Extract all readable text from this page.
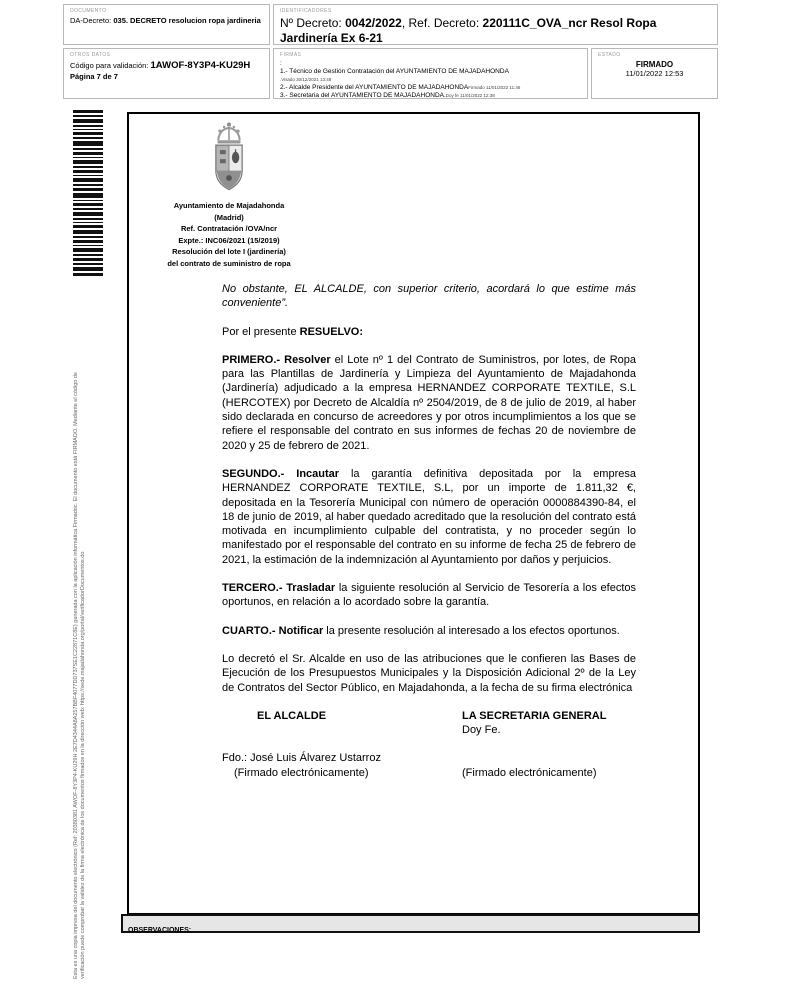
DOCUMENTO
DA-Decreto: 035. DECRETO resolucion ropa jardineria
IDENTIFICADORES
Nº Decreto: 0042/2022, Ref. Decreto: 220111C_OVA_ncr Resol Ropa Jardinería Ex 6-21
OTROS DATOS
Código para validación: 1AWOF-8Y3P4-KU29H
Página 7 de 7
FIRMAS
:
1.- Técnico de Gestión Contratación del AYUNTAMIENTO DE MAJADAHONDA
.Visado 30/12/2021 13:48
2.- Alcalde Presidente del AYUNTAMIENTO DE MAJADAHONDAFirmado 11/01/2022 11:46
3.- Secretaria del AYUNTAMIENTO DE MAJADAHONDA.Doy fe 11/01/2022 12:38
ESTADO
FIRMADO
11/01/2022 12:53
Esta es una copia impresa del documento electrónico (Ref: 20380381 AWOF-8Y3P4-KU29H 2E7D4344A8A257BBF4077DD737SE1C22871C8E) generada con la aplicación informática Firmadoc. El documento está FIRMADO. Mediante el código de verificación puede comprobar la validez de la firma electrónica de los documentos firmados en la dirección web: https://sede.majadahonda.org/portal/verificadorDocumentos.do
Ayuntamiento de Majadahonda
(Madrid)
Ref. Contratación /OVA/ncr
Expte.: INC06/2021 (15/2019)
Resolución del lote I (jardinería)
del contrato de suministro de ropa

No obstante, EL ALCALDE, con superior criterio, acordará lo que estime más conveniente”.

Por el presente RESUELVO:

PRIMERO.- Resolver el Lote nº 1 del Contrato de Suministros, por lotes, de Ropa para las Plantillas de Jardinería y Limpieza del Ayuntamiento de Majadahonda (Jardinería) adjudicado a la empresa HERNANDEZ CORPORATE TEXTILE, S.L (HERCOTEX) por Decreto de Alcaldía nº 2504/2019, de 8 de julio de 2019, al haber sido declarada en concurso de acreedores y por otros incumplimientos a los que se refiere el responsable del contrato en sus informes de fechas 20 de noviembre de 2020 y 25 de febrero de 2021.

SEGUNDO.- Incautar la garantía definitiva depositada por la empresa HERNANDEZ CORPORATE TEXTILE, S.L, por un importe de 1.811,32 €, depositada en la Tesorería Municipal con número de operación 0000884390-84, el 18 de junio de 2019, al haber quedado acreditado que la resolución del contrato está motivada en incumplimiento culpable del contratista, y no proceder según lo manifestado por el responsable del contrato en su informe de fecha 25 de febrero de 2021, la estimación de la indemnización al Ayuntamiento por daños y perjuicios.

TERCERO.- Trasladar la siguiente resolución al Servicio de Tesorería a los efectos oportunos, en relación a lo acordado sobre la garantía.

CUARTO.- Notificar la presente resolución al interesado a los efectos oportunos.

Lo decretó el Sr. Alcalde en uso de las atribuciones que le confieren las Bases de Ejecución de los Presupuestos Municipales y la Disposición Adicional 2º de la Ley de Contratos del Sector Público, en Majadahonda, a la fecha de su firma electrónica

EL ALCALDE	LA SECRETARIA GENERAL
Doy Fe.
Fdo.: José Luis Álvarez Ustarroz
(Firmado electrónicamente)	(Firmado electrónicamente)
OBSERVACIONES:
